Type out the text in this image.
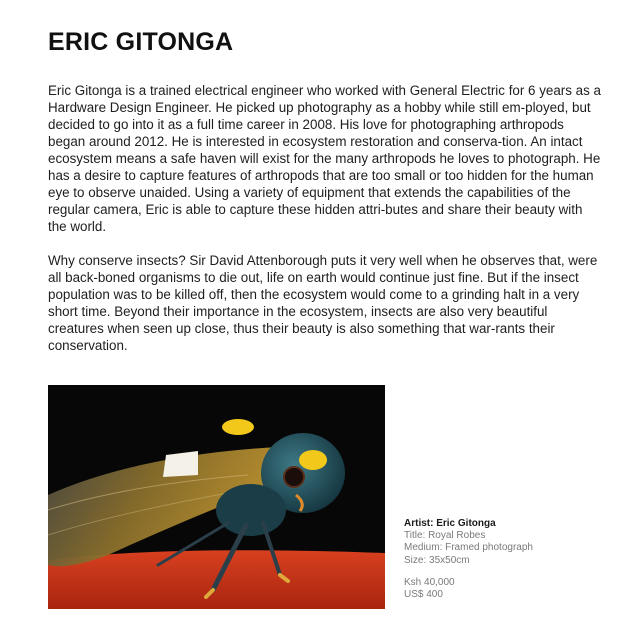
ERIC GITONGA

Eric Gitonga is a trained electrical engineer who worked with General Electric for 6 years as a Hardware Design Engineer. He picked up photography as a hobby while still em-ployed, but decided to go into it as a full time career in 2008. His love for photographing arthropods began around 2012. He is interested in ecosystem restoration and conserva-tion. An intact ecosystem means a safe haven will exist for the many arthropods he loves to photograph. He has a desire to capture features of arthropods that are too small or too hidden for the human eye to observe unaided. Using a variety of equipment that extends the capabilities of the regular camera, Eric is able to capture these hidden attri-butes and share their beauty with the world.

Why conserve insects? Sir David Attenborough puts it very well when he observes that, were all back-boned organisms to die out, life on earth would continue just fine. But if the insect population was to be killed off, then the ecosystem would come to a grinding halt in a very short time. Beyond their importance in the ecosystem, insects are also very beautiful creatures when seen up close, thus their beauty is also something that war-rants their conservation.

Artist: Eric Gitonga
Title: Royal Robes
Medium: Framed photograph
Size: 35x50cm
Ksh 40,000
US$ 400
